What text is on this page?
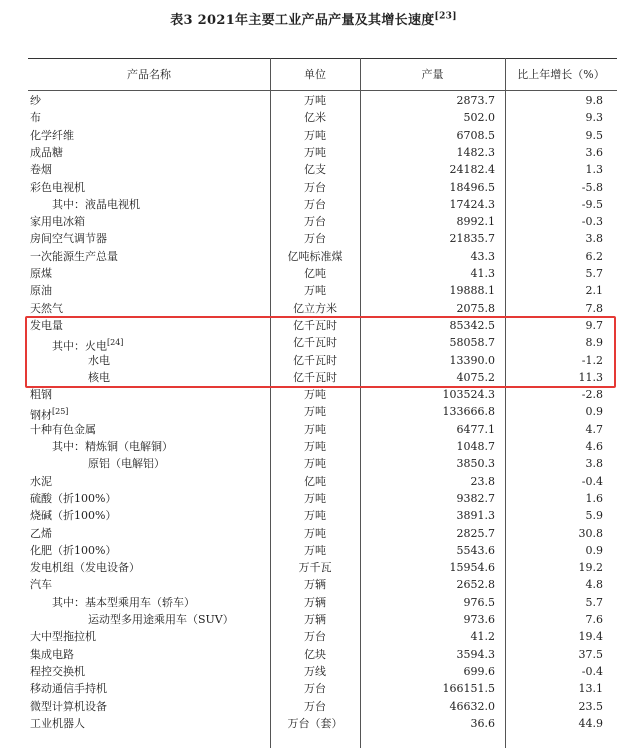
表3 2021年主要工业产品产量及其增长速度[23]
产品名称	单位	产量	比上年增长（%）
纱	万吨	2873.7	9.8
布	亿米	502.0	9.3
化学纤维	万吨	6708.5	9.5
成品糖	万吨	1482.3	3.6
卷烟	亿支	24182.4	1.3
彩色电视机	万台	18496.5	-5.8
其中：液晶电视机	万台	17424.3	-9.5
家用电冰箱	万台	8992.1	-0.3
房间空气调节器	万台	21835.7	3.8
一次能源生产总量	亿吨标准煤	43.3	6.2
原煤	亿吨	41.3	5.7
原油	万吨	19888.1	2.1
天然气	亿立方米	2075.8	7.8
发电量	亿千瓦时	85342.5	9.7
其中：火电[24]	亿千瓦时	58058.7	8.9
水电	亿千瓦时	13390.0	-1.2
核电	亿千瓦时	4075.2	11.3
粗钢	万吨	103524.3	-2.8
钢材[25]	万吨	133666.8	0.9
十种有色金属	万吨	6477.1	4.7
其中：精炼铜（电解铜）	万吨	1048.7	4.6
原铝（电解铝）	万吨	3850.3	3.8
水泥	亿吨	23.8	-0.4
硫酸（折100%）	万吨	9382.7	1.6
烧碱（折100%）	万吨	3891.3	5.9
乙烯	万吨	2825.7	30.8
化肥（折100%）	万吨	5543.6	0.9
发电机组（发电设备）	万千瓦	15954.6	19.2
汽车	万辆	2652.8	4.8
其中：基本型乘用车（轿车）	万辆	976.5	5.7
运动型多用途乘用车（SUV）	万辆	973.6	7.6
大中型拖拉机	万台	41.2	19.4
集成电路	亿块	3594.3	37.5
程控交换机	万线	699.6	-0.4
移动通信手持机	万台	166151.5	13.1
微型计算机设备	万台	46632.0	23.5
工业机器人	万台（套）	36.6	44.9
